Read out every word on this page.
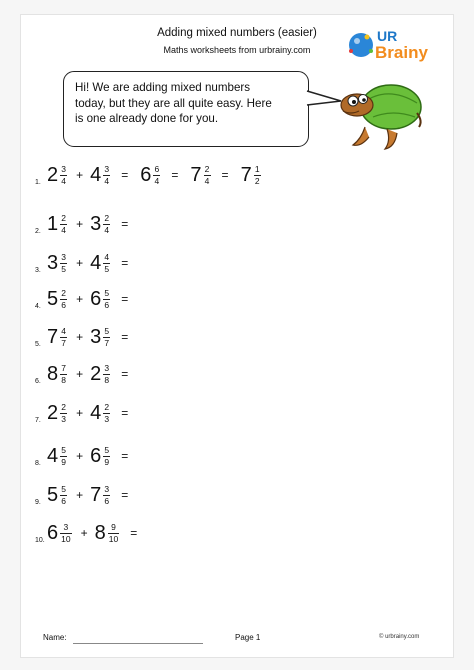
Adding mixed numbers (easier)
Maths worksheets from urbrainy.com
UR
Brainy
Hi! We are adding mixed numbers
today, but they are all quite easy. Here
is one already done for you.
1. $2 \frac{3}{4} + 4 \frac{3}{4} = 6 \frac{6}{4} = 7 \frac{2}{4} = 7 \frac{1}{2}$
2. $1 \frac{2}{4} + 3 \frac{2}{4}$ =
3. $3 \frac{3}{5} + 4 \frac{4}{5}$ =
4. $5 \frac{2}{6} + 6 \frac{5}{6}$ =
5. $7 \frac{4}{7} + 3 \frac{5}{7}$ =
6. $8 \frac{7}{8} + 2 \frac{3}{8}$ =
7. $2 \frac{2}{3} + 4 \frac{2}{3}$ =
8. $4 \frac{5}{9} + 6 \frac{5}{9}$ =
9. $5 \frac{5}{6} + 7 \frac{3}{6}$ =
10. $6 \frac{3}{10} + 8 \frac{9}{10}$ =
Name:	Page 1	© urbrainy.com
